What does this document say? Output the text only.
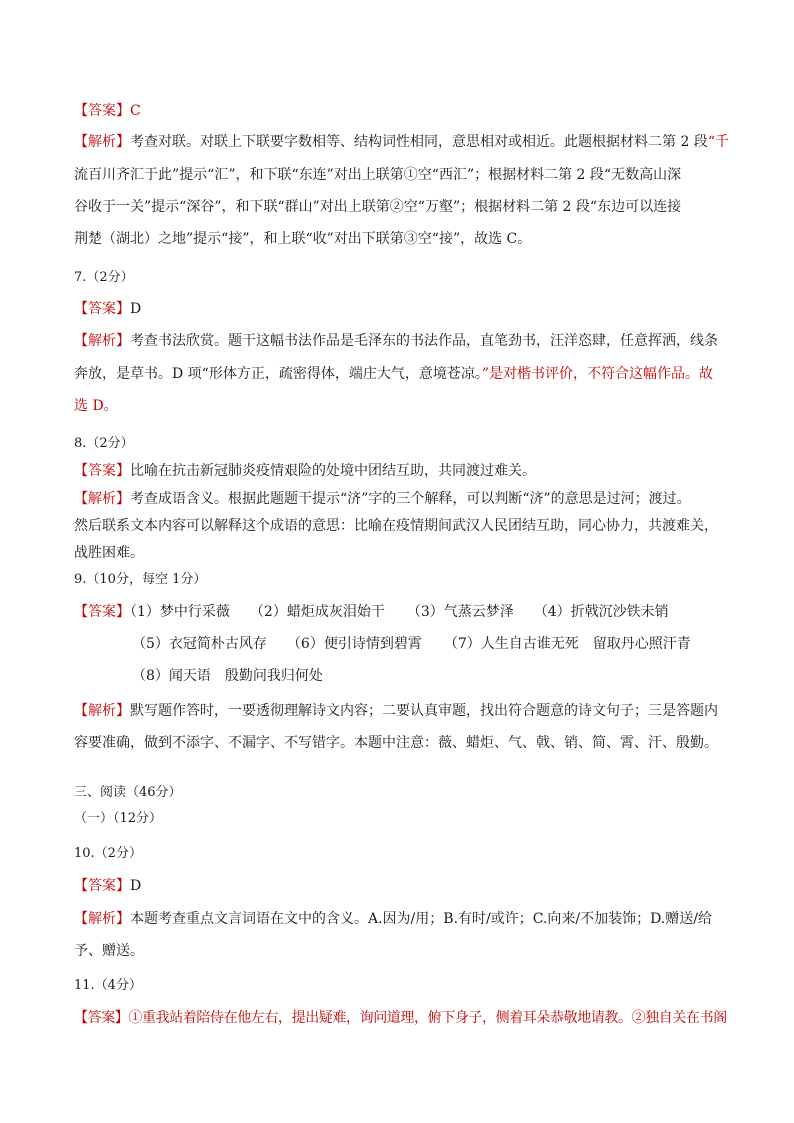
【答案】C
【解析】考查对联。对联上下联要字数相等、结构词性相同，意思相对或相近。此题根据材料二第 2 段“千
流百川齐汇于此”提示“汇”，和下联“东连”对出上联第①空“西汇”；根据材料二第 2 段“无数高山深
谷收于一关”提示“深谷”，和下联“群山”对出上联第②空“万壑”；根据材料二第 2 段“东边可以连接
荆楚（湖北）之地”提示“接”，和上联“收”对出下联第③空“接”，故选 C。
7.（2分）
【答案】D
【解析】考查书法欣赏。题干这幅书法作品是毛泽东的书法作品，直笔劲书，汪洋恣肆，任意挥洒，线条
奔放，是草书。D 项“形体方正，疏密得体，端庄大气，意境苍凉。”是对楷书评价，不符合这幅作品。故
选 D。
8.（2分）
【答案】比喻在抗击新冠肺炎疫情艰险的处境中团结互助，共同渡过难关。
【解析】考查成语含义。根据此题题干提示“济”字的三个解释，可以判断“济”的意思是过河；渡过。
然后联系文本内容可以解释这个成语的意思：比喻在疫情期间武汉人民团结互助，同心协力，共渡难关，
战胜困难。
9.（10分，每空 1分）
【答案】（1）梦中行采薇 （2）蜡炬成灰泪始干 （3）气蒸云梦泽 （4）折戟沉沙铁未销
（5）衣冠简朴古风存 （6）便引诗情到碧霄 （7）人生自古谁无死　留取丹心照汗青
（8）闻天语　殷勤问我归何处
【解析】默写题作答时，一要透彻理解诗文内容；二要认真审题，找出符合题意的诗文句子；三是答题内
容要准确，做到不添字、不漏字、不写错字。本题中注意：薇、蜡炬、气、戟、销、简、霄、汗、殷勤。
三、阅读（46分）
（一）（12分）
10.（2分）
【答案】D
【解析】本题考查重点文言词语在文中的含义。A.因为/用；B.有时/或许；C.向来/不加装饰；D.赠送/给
予、赠送。
11.（4分）
【答案】①重我站着陪侍在他左右，提出疑难，询问道理，俯下身子，侧着耳朵恭敬地请教。②独自关在书阁
